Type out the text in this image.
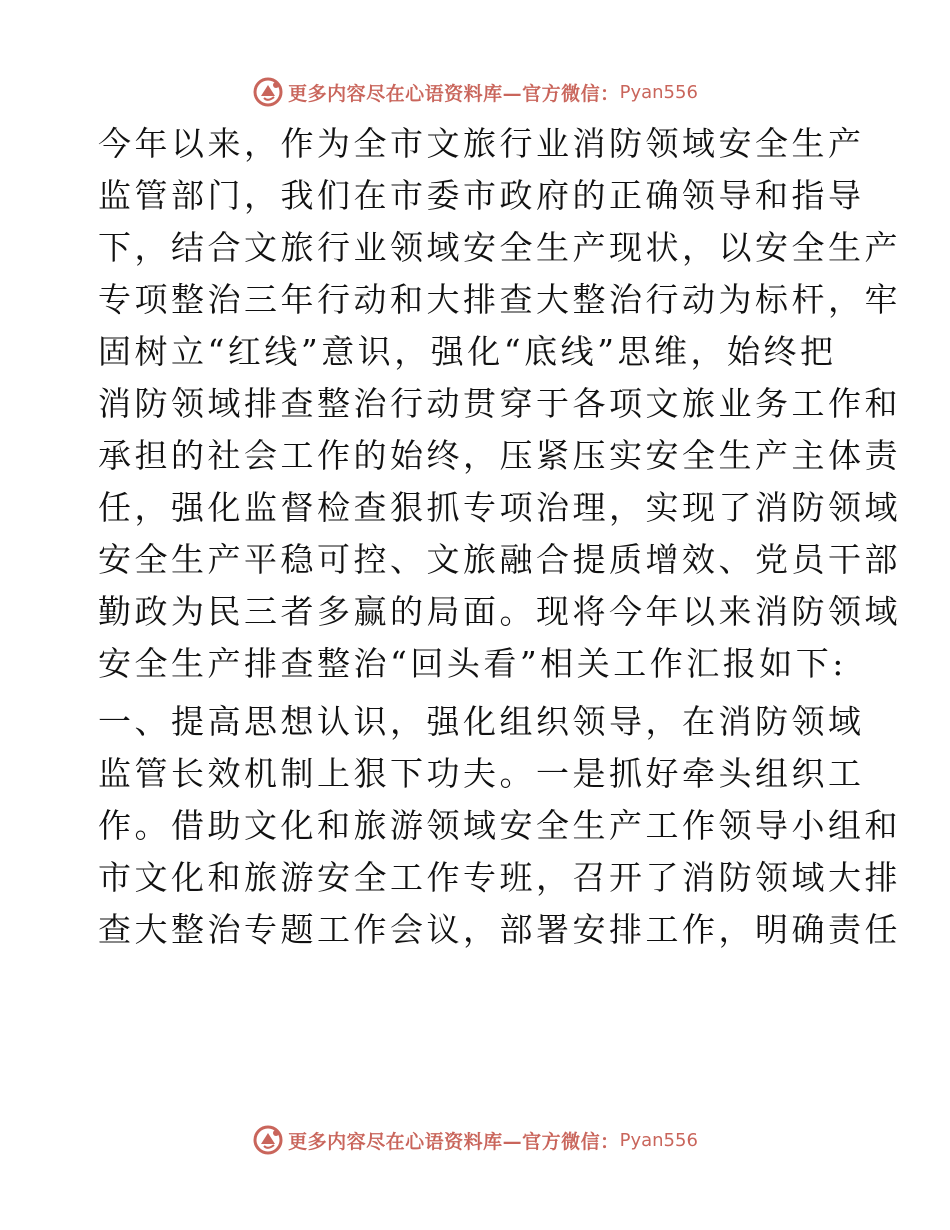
更多内容尽在心语资料库—官方微信： Pyan556

今年以来，作为全市文旅行业消防领域安全生产

监管部门，我们在市委市政府的正确领导和指导

下，结合文旅行业领域安全生产现状，以安全生产

专项整治三年行动和大排查大整治行动为标杆，牢

固树立“红线”意识，强化“底线”思维，始终把

消防领域排查整治行动贯穿于各项文旅业务工作和

承担的社会工作的始终，压紧压实安全生产主体责

任，强化监督检查狠抓专项治理，实现了消防领域

安全生产平稳可控、文旅融合提质增效、党员干部

勤政为民三者多赢的局面。现将今年以来消防领域

安全生产排查整治“回头看”相关工作汇报如下:

一、提高思想认识，强化组织领导，在消防领域

监管长效机制上狠下功夫。一是抓好牵头组织工

作。借助文化和旅游领域安全生产工作领导小组和

市文化和旅游安全工作专班，召开了消防领域大排

查大整治专题工作会议，部署安排工作，明确责任

更多内容尽在心语资料库—官方微信： Pyan556
